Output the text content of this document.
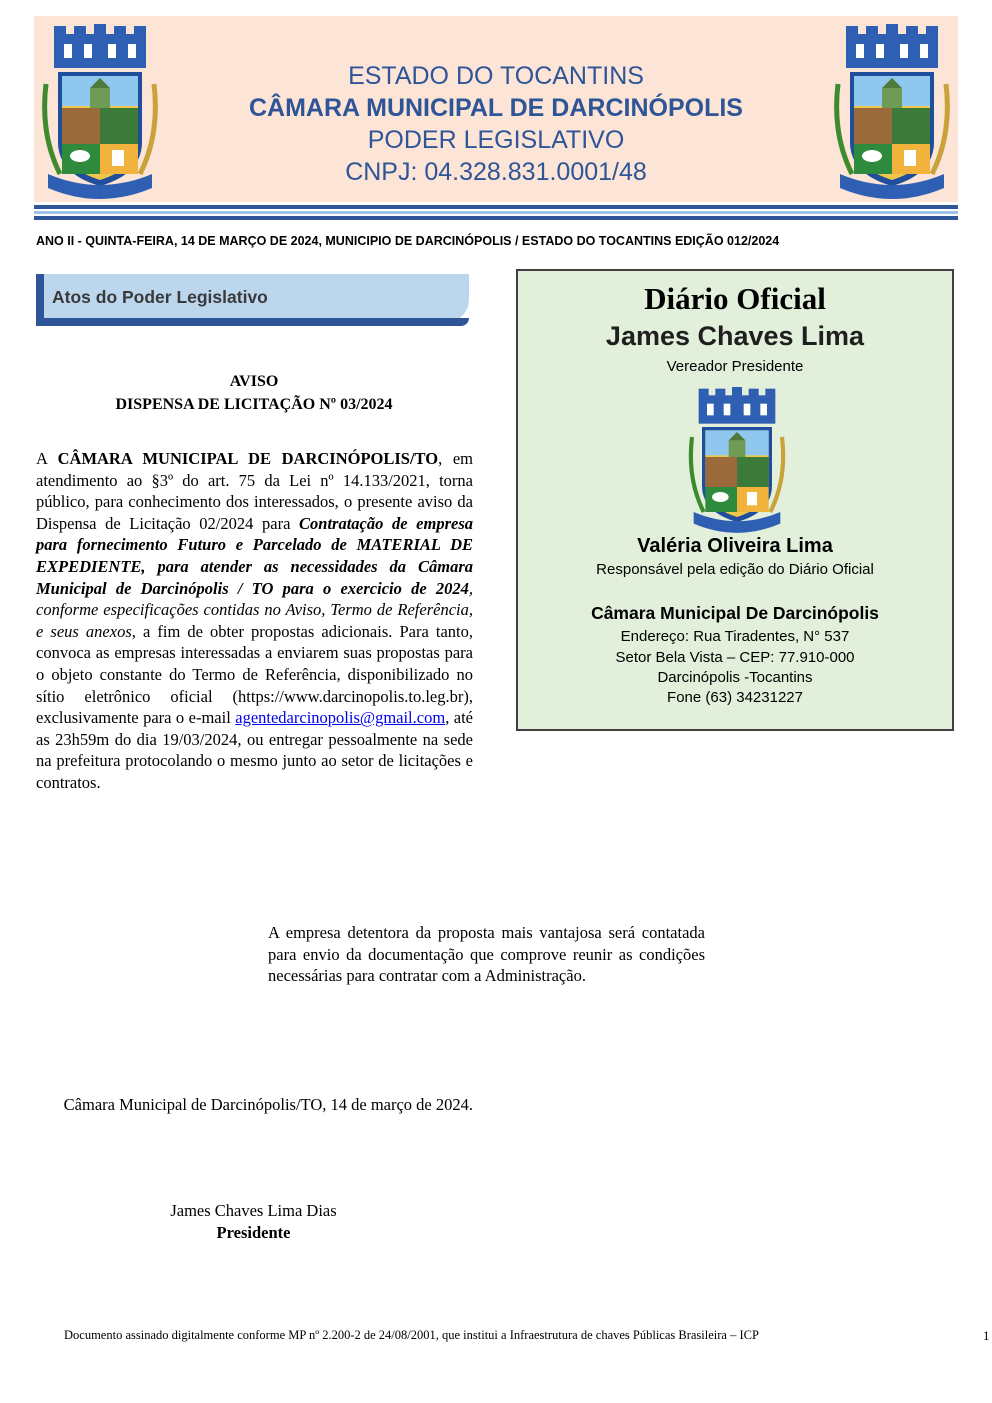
ESTADO DO TOCANTINS
CÂMARA MUNICIPAL DE DARCINÓPOLIS
PODER LEGISLATIVO
CNPJ: 04.328.831.0001/48
ANO II - QUINTA-FEIRA, 14 DE MARÇO DE 2024, MUNICIPIO DE DARCINÓPOLIS / ESTADO DO TOCANTINS EDIÇÃO 012/2024
Atos do Poder Legislativo
AVISO
DISPENSA DE LICITAÇÃO Nº 03/2024
A CÂMARA MUNICIPAL DE DARCINÓPOLIS/TO, em atendimento ao §3º do art. 75 da Lei nº 14.133/2021, torna público, para conhecimento dos interessados, o presente aviso da Dispensa de Licitação 02/2024 para Contratação de empresa para fornecimento Futuro e Parcelado de MATERIAL DE EXPEDIENTE, para atender as necessidades da Câmara Municipal de Darcinópolis / TO para o exercicio de 2024, conforme especificações contidas no Aviso, Termo de Referência, e seus anexos, a fim de obter propostas adicionais. Para tanto, convoca as empresas interessadas a enviarem suas propostas para o objeto constante do Termo de Referência, disponibilizado no sítio eletrônico oficial (https://www.darcinopolis.to.leg.br), exclusivamente para o e-mail agentedarcinopolis@gmail.com, até as 23h59m do dia 19/03/2024, ou entregar pessoalmente na sede na prefeitura protocolando o mesmo junto ao setor de licitações e contratos.
A empresa detentora da proposta mais vantajosa será contatada para envio da documentação que comprove reunir as condições necessárias para contratar com a Administração.
Câmara Municipal de Darcinópolis/TO, 14 de março de 2024.
James Chaves Lima Dias
Presidente
Diário Oficial
James Chaves Lima
Vereador Presidente
Valéria Oliveira Lima
Responsável pela edição do Diário Oficial
Câmara Municipal De Darcinópolis
Endereço: Rua Tiradentes, N° 537
Setor Bela Vista – CEP: 77.910-000
Darcinópolis -Tocantins
Fone (63) 34231227
Documento assinado digitalmente conforme MP nº 2.200-2 de 24/08/2001, que institui a Infraestrutura de chaves Públicas Brasileira – ICP	1
